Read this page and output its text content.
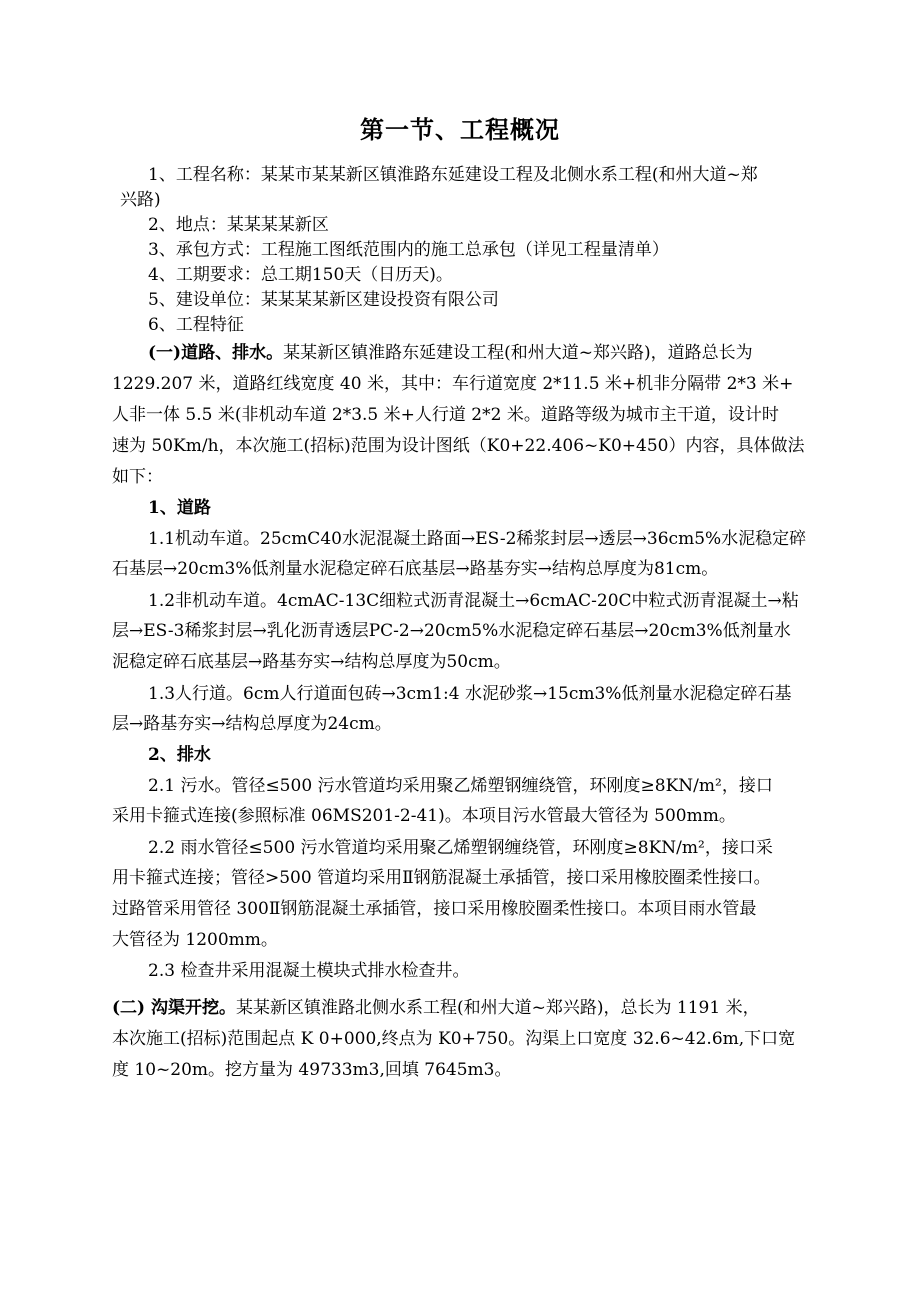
第一节、工程概况
1、工程名称：某某市某某新区镇淮路东延建设工程及北侧水系工程(和州大道~郑
兴路)
2、地点：某某某某新区
3、承包方式：工程施工图纸范围内的施工总承包（详见工程量清单）
4、工期要求：总工期150天（日历天)。
5、建设单位：某某某某新区建设投资有限公司
6、工程特征
(一)道路、排水。某某新区镇淮路东延建设工程(和州大道~郑兴路)，道路总长为
1229.207 米，道路红线宽度 40 米，其中：车行道宽度 2*11.5 米+机非分隔带 2*3 米+
人非一体 5.5 米(非机动车道 2*3.5 米+人行道 2*2 米。道路等级为城市主干道，设计时
速为 50Km/h，本次施工(招标)范围为设计图纸（K0+22.406~K0+450）内容，具体做法
如下：
1、道路
1.1机动车道。25cmC40水泥混凝土路面→ES-2稀浆封层→透层→36cm5%水泥稳定碎
石基层→20cm3%低剂量水泥稳定碎石底基层→路基夯实→结构总厚度为81cm。
1.2非机动车道。4cmAC-13C细粒式沥青混凝土→6cmAC-20C中粒式沥青混凝土→粘
层→ES-3稀浆封层→乳化沥青透层PC-2→20cm5%水泥稳定碎石基层→20cm3%低剂量水
泥稳定碎石底基层→路基夯实→结构总厚度为50cm。
1.3人行道。6cm人行道面包砖→3cm1:4 水泥砂浆→15cm3%低剂量水泥稳定碎石基
层→路基夯实→结构总厚度为24cm。
2、排水
2.1 污水。管径≤500 污水管道均采用聚乙烯塑钢缠绕管，环刚度≥8KN/m²，接口
采用卡箍式连接(参照标准 06MS201-2-41)。本项目污水管最大管径为 500mm。
2.2 雨水管径≤500 污水管道均采用聚乙烯塑钢缠绕管，环刚度≥8KN/m²，接口采
用卡箍式连接；管径>500 管道均采用Ⅱ钢筋混凝土承插管，接口采用橡胶圈柔性接口。
过路管采用管径 300Ⅱ钢筋混凝土承插管，接口采用橡胶圈柔性接口。本项目雨水管最
大管径为 1200mm。
2.3 检查井采用混凝土模块式排水检查井。
(二) 沟渠开挖。某某新区镇淮路北侧水系工程(和州大道~郑兴路)，总长为 1191 米，
本次施工(招标)范围起点 K 0+000,终点为 K0+750。沟渠上口宽度 32.6~42.6m,下口宽
度 10~20m。挖方量为 49733m3,回填 7645m3。
